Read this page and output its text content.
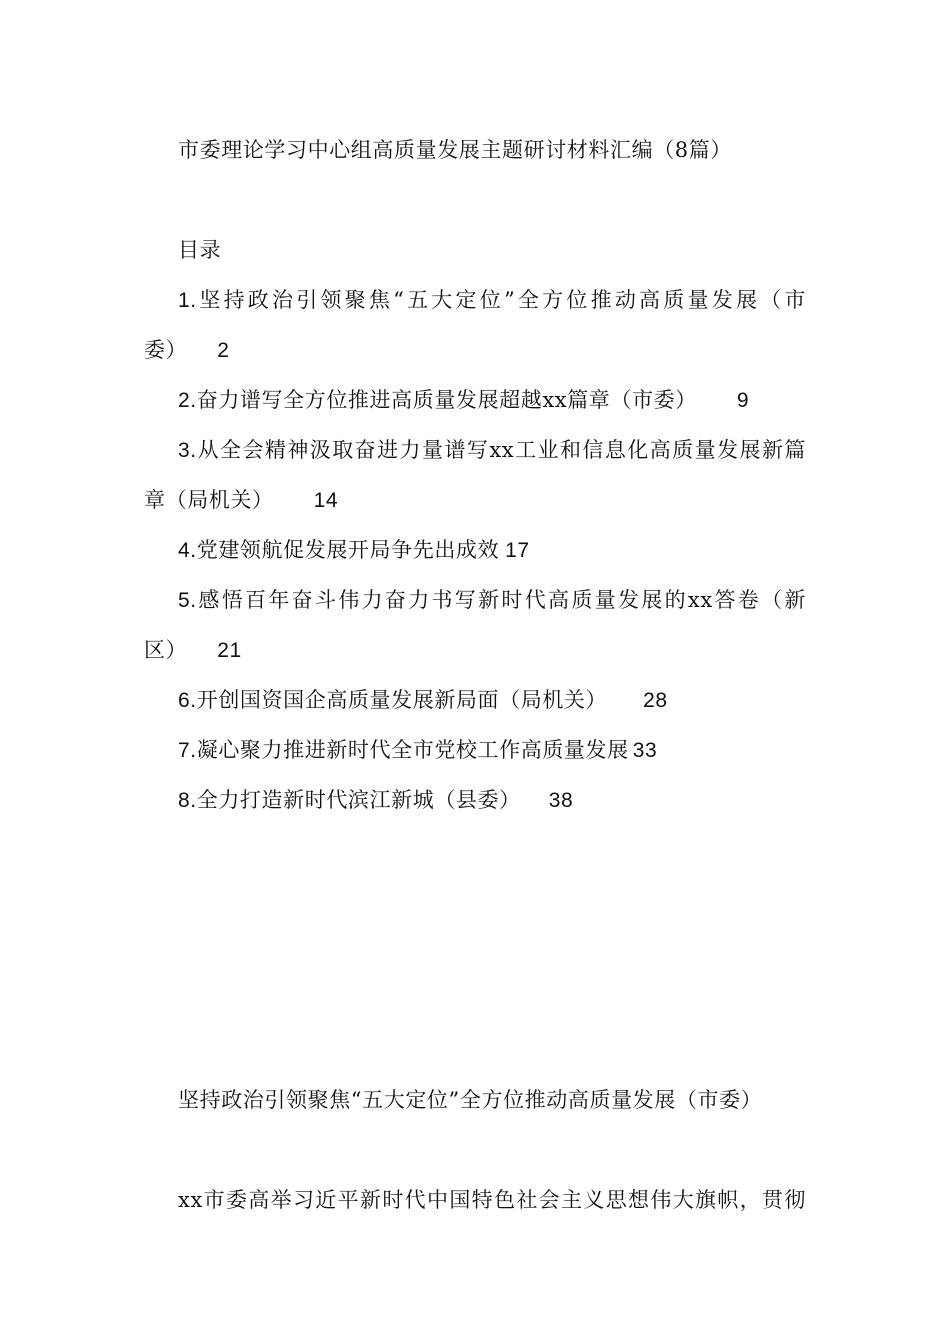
市委理论学习中心组高质量发展主题研讨材料汇编（8篇）
目录
1.坚持政治引领聚焦“五大定位”全方位推动高质量发展（市
委） 2
2.奋力谱写全方位推进高质量发展超越xx篇章（市委） 9
3.从全会精神汲取奋进力量谱写xx工业和信息化高质量发展新篇
章（局机关） 14
4.党建领航促发展开局争先出成效 17
5.感悟百年奋斗伟力奋力书写新时代高质量发展的xx答卷（新
区） 21
6.开创国资国企高质量发展新局面（局机关） 28
7.凝心聚力推进新时代全市党校工作高质量发展 33
8.全力打造新时代滨江新城（县委） 38
坚持政治引领聚焦“五大定位”全方位推动高质量发展（市委）
xx市委高举习近平新时代中国特色社会主义思想伟大旗帜，贯彻
